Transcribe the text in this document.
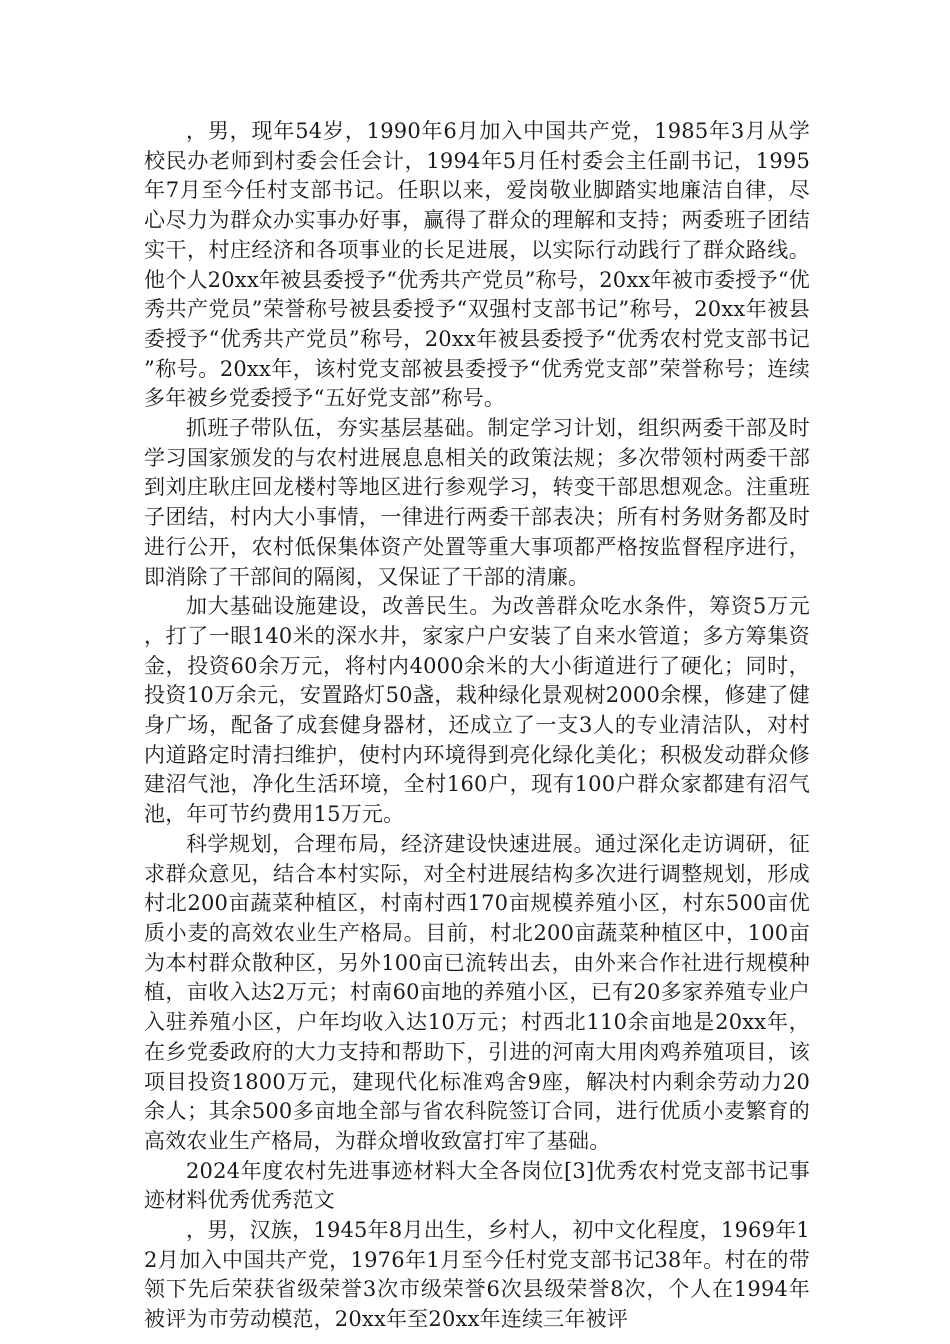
，男，现年54岁，1990年6月加入中国共产党，1985年3月从学校民办老师到村委会任会计，1994年5月任村委会主任副书记，1995年7月至今任村支部书记。任职以来，爱岗敬业脚踏实地廉洁自律，尽心尽力为群众办实事办好事，赢得了群众的理解和支持；两委班子团结实干，村庄经济和各项事业的长足进展，以实际行动践行了群众路线。他个人20xx年被县委授予“优秀共产党员”称号，20xx年被市委授予“优秀共产党员”荣誉称号被县委授予“双强村支部书记”称号，20xx年被县委授予“优秀共产党员”称号，20xx年被县委授予“优秀农村党支部书记”称号。20xx年，该村党支部被县委授予“优秀党支部”荣誉称号；连续多年被乡党委授予“五好党支部”称号。

抓班子带队伍，夯实基层基础。制定学习计划，组织两委干部及时学习国家颁发的与农村进展息息相关的政策法规；多次带领村两委干部到刘庄耿庄回龙楼村等地区进行参观学习，转变干部思想观念。注重班子团结，村内大小事情，一律进行两委干部表决；所有村务财务都及时进行公开，农村低保集体资产处置等重大事项都严格按监督程序进行，即消除了干部间的隔阂，又保证了干部的清廉。

加大基础设施建设，改善民生。为改善群众吃水条件，筹资5万元，打了一眼140米的深水井，家家户户安装了自来水管道；多方筹集资金，投资60余万元，将村内4000余米的大小街道进行了硬化；同时，投资10万余元，安置路灯50盏，栽种绿化景观树2000余棵，修建了健身广场，配备了成套健身器材，还成立了一支3人的专业清洁队，对村内道路定时清扫维护，使村内环境得到亮化绿化美化；积极发动群众修建沼气池，净化生活环境，全村160户，现有100户群众家都建有沼气池，年可节约费用15万元。

科学规划，合理布局，经济建设快速进展。通过深化走访调研，征求群众意见，结合本村实际，对全村进展结构多次进行调整规划，形成村北200亩蔬菜种植区，村南村西170亩规模养殖小区，村东500亩优质小麦的高效农业生产格局。目前，村北200亩蔬菜种植区中，100亩为本村群众散种区，另外100亩已流转出去，由外来合作社进行规模种植，亩收入达2万元；村南60亩地的养殖小区，已有20多家养殖专业户入驻养殖小区，户年均收入达10万元；村西北110余亩地是20xx年，在乡党委政府的大力支持和帮助下，引进的河南大用肉鸡养殖项目，该项目投资1800万元，建现代化标准鸡舍9座，解决村内剩余劳动力20余人；其余500多亩地全部与省农科院签订合同，进行优质小麦繁育的高效农业生产格局，为群众增收致富打牢了基础。

2024年度农村先进事迹材料大全各岗位[3]优秀农村党支部书记事迹材料优秀优秀范文

，男，汉族，1945年8月出生，乡村人，初中文化程度，1969年12月加入中国共产党，1976年1月至今任村党支部书记38年。村在的带领下先后荣获省级荣誉3次市级荣誉6次县级荣誉8次，个人在1994年被评为市劳动模范，20xx年至20xx年连续三年被评
